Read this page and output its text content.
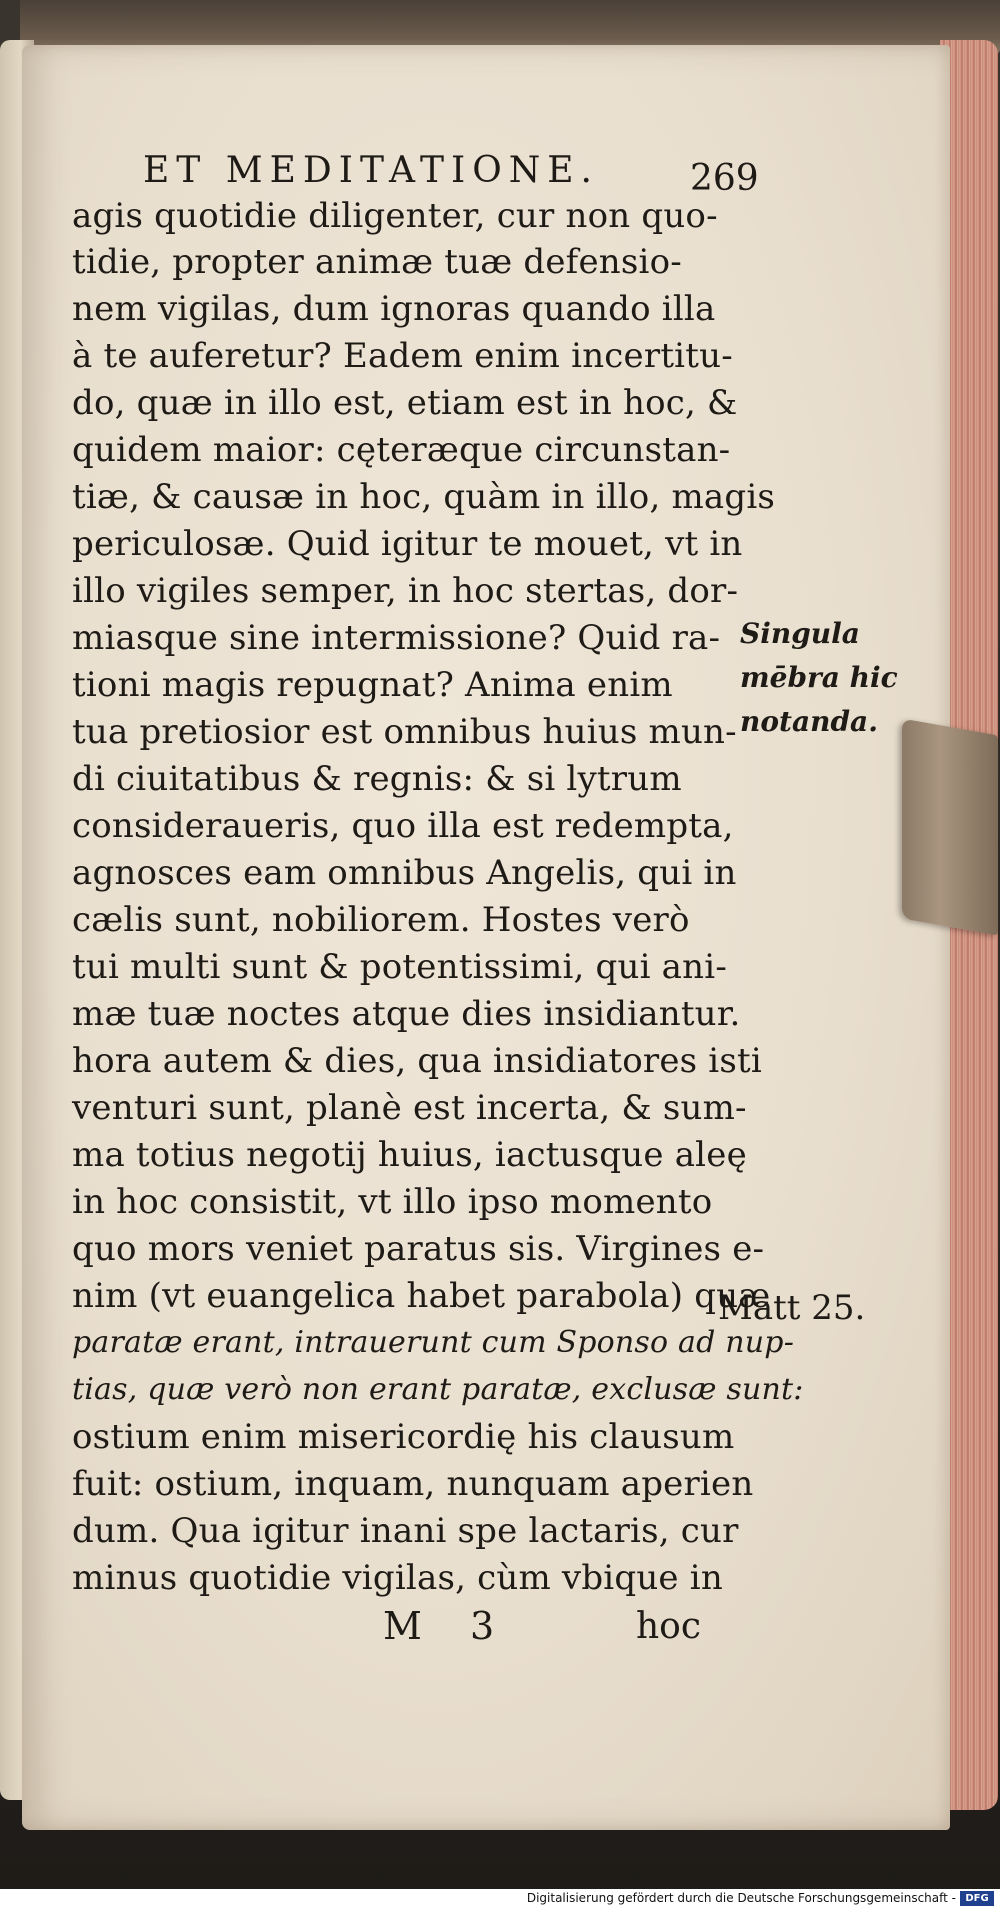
ET MEDITATIONE.	269
agis quotidie diligenter, cur non quo-
tidie, propter animæ tuæ defensio-
nem vigilas, dum ignoras quando illa
à te auferetur? Eadem enim incertitu-
do, quæ in illo est, etiam est in hoc, &
quidem maior: cęteræque circunstan-
tiæ, & causæ in hoc, quàm in illo, magis
periculosæ. Quid igitur te mouet, vt in
illo vigiles semper, in hoc stertas, dor-
miasque sine intermissione? Quid ra-
tioni magis repugnat? Anima enim
tua pretiosior est omnibus huius mun-
di ciuitatibus & regnis: & si lytrum
consideraueris, quo illa est redempta,
agnosces eam omnibus Angelis, qui in
cælis sunt, nobiliorem. Hostes verò
tui multi sunt & potentissimi, qui ani-
mæ tuæ noctes atque dies insidiantur.
hora autem & dies, qua insidiatores isti
venturi sunt, planè est incerta, & sum-
ma totius negotij huius, iactusque aleę
in hoc consistit, vt illo ipso momento
quo mors veniet paratus sis. Virgines e-
nim (vt euangelica habet parabola) quæ
paratæ erant, intrauerunt cum Sponso ad nup-
tias, quæ verò non erant paratæ, exclusæ sunt:
ostium enim misericordię his clausum
fuit: ostium, inquam, nunquam aperien
dum. Qua igitur inani spe lactaris, cur
minus quotidie vigilas, cùm vbique in
Singula
mēbra hic
notanda.
Matt 25.
M 3	hoc
Digitalisierung gefördert durch die Deutsche Forschungsgemeinschaft - DFG
